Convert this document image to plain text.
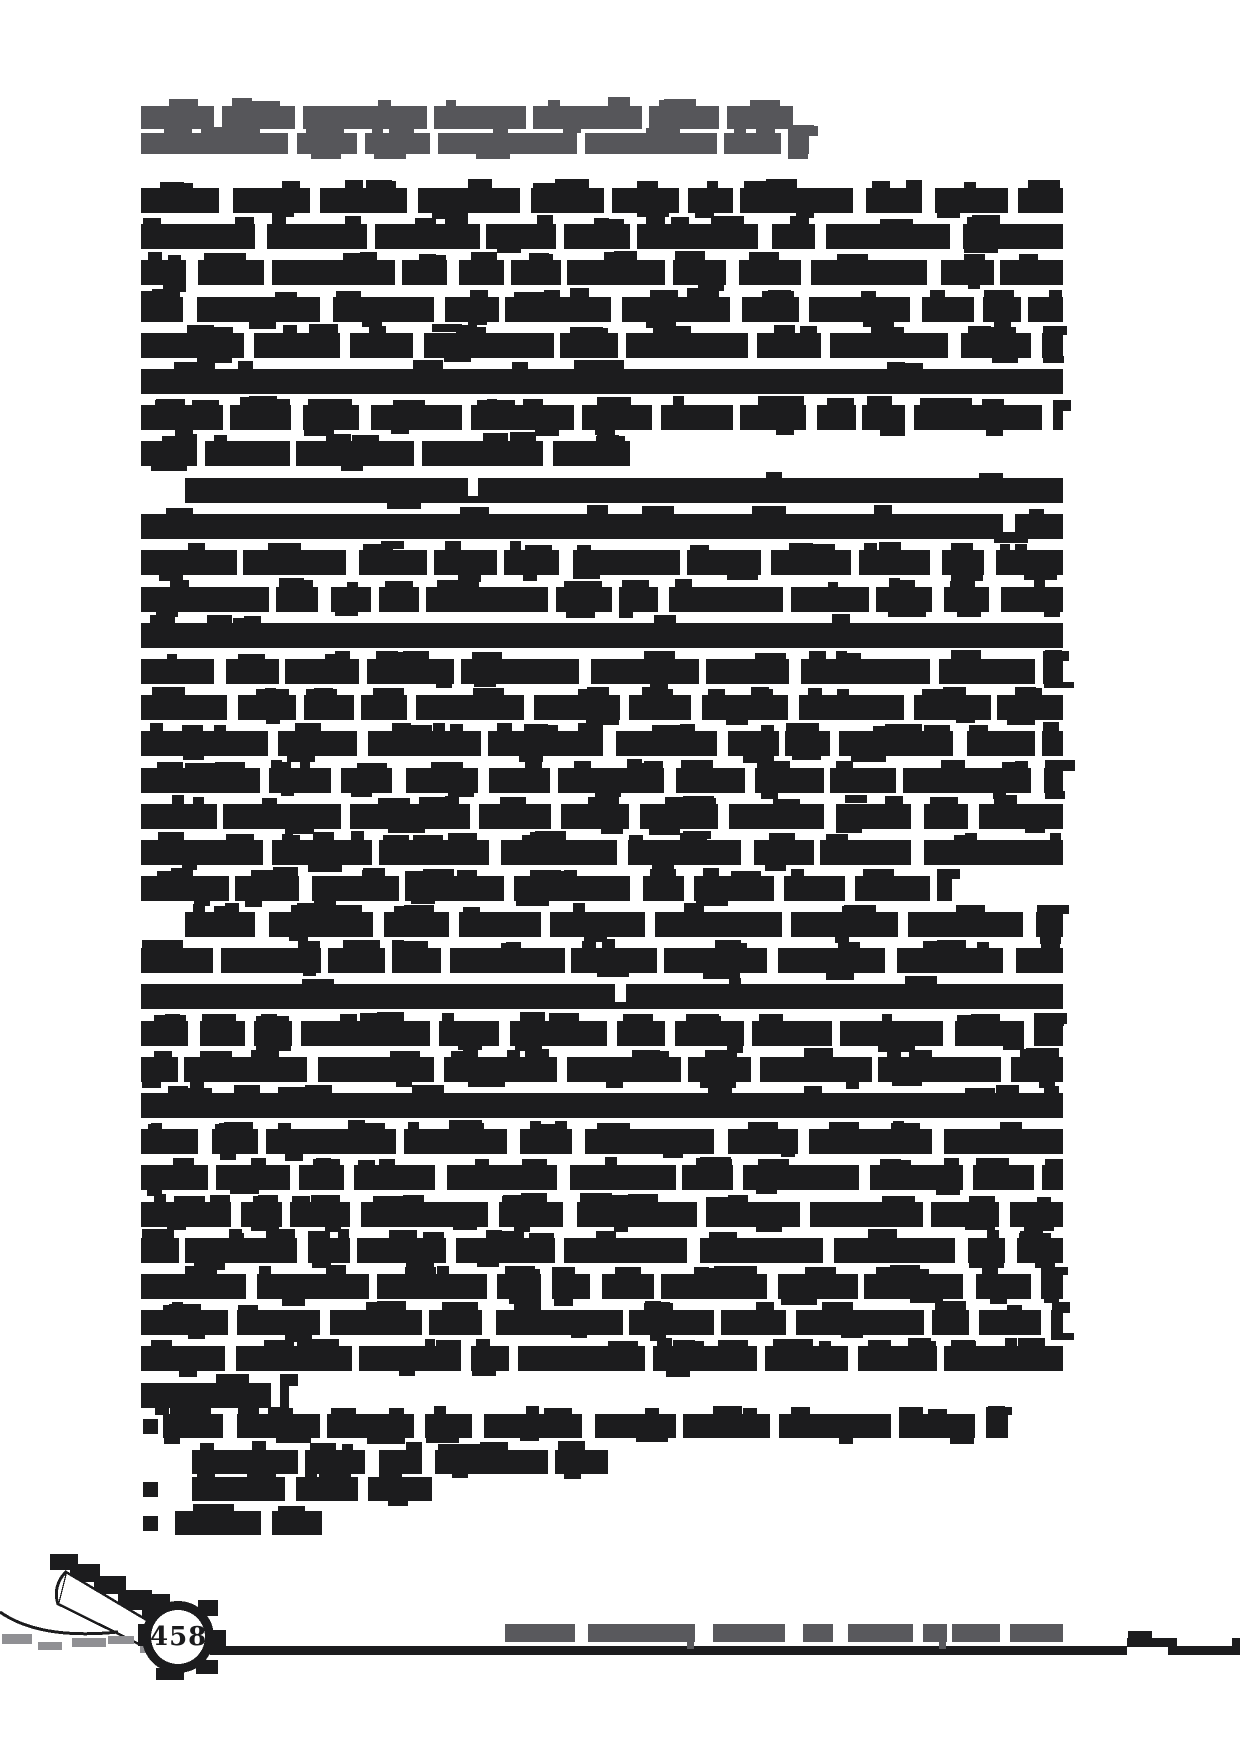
458
